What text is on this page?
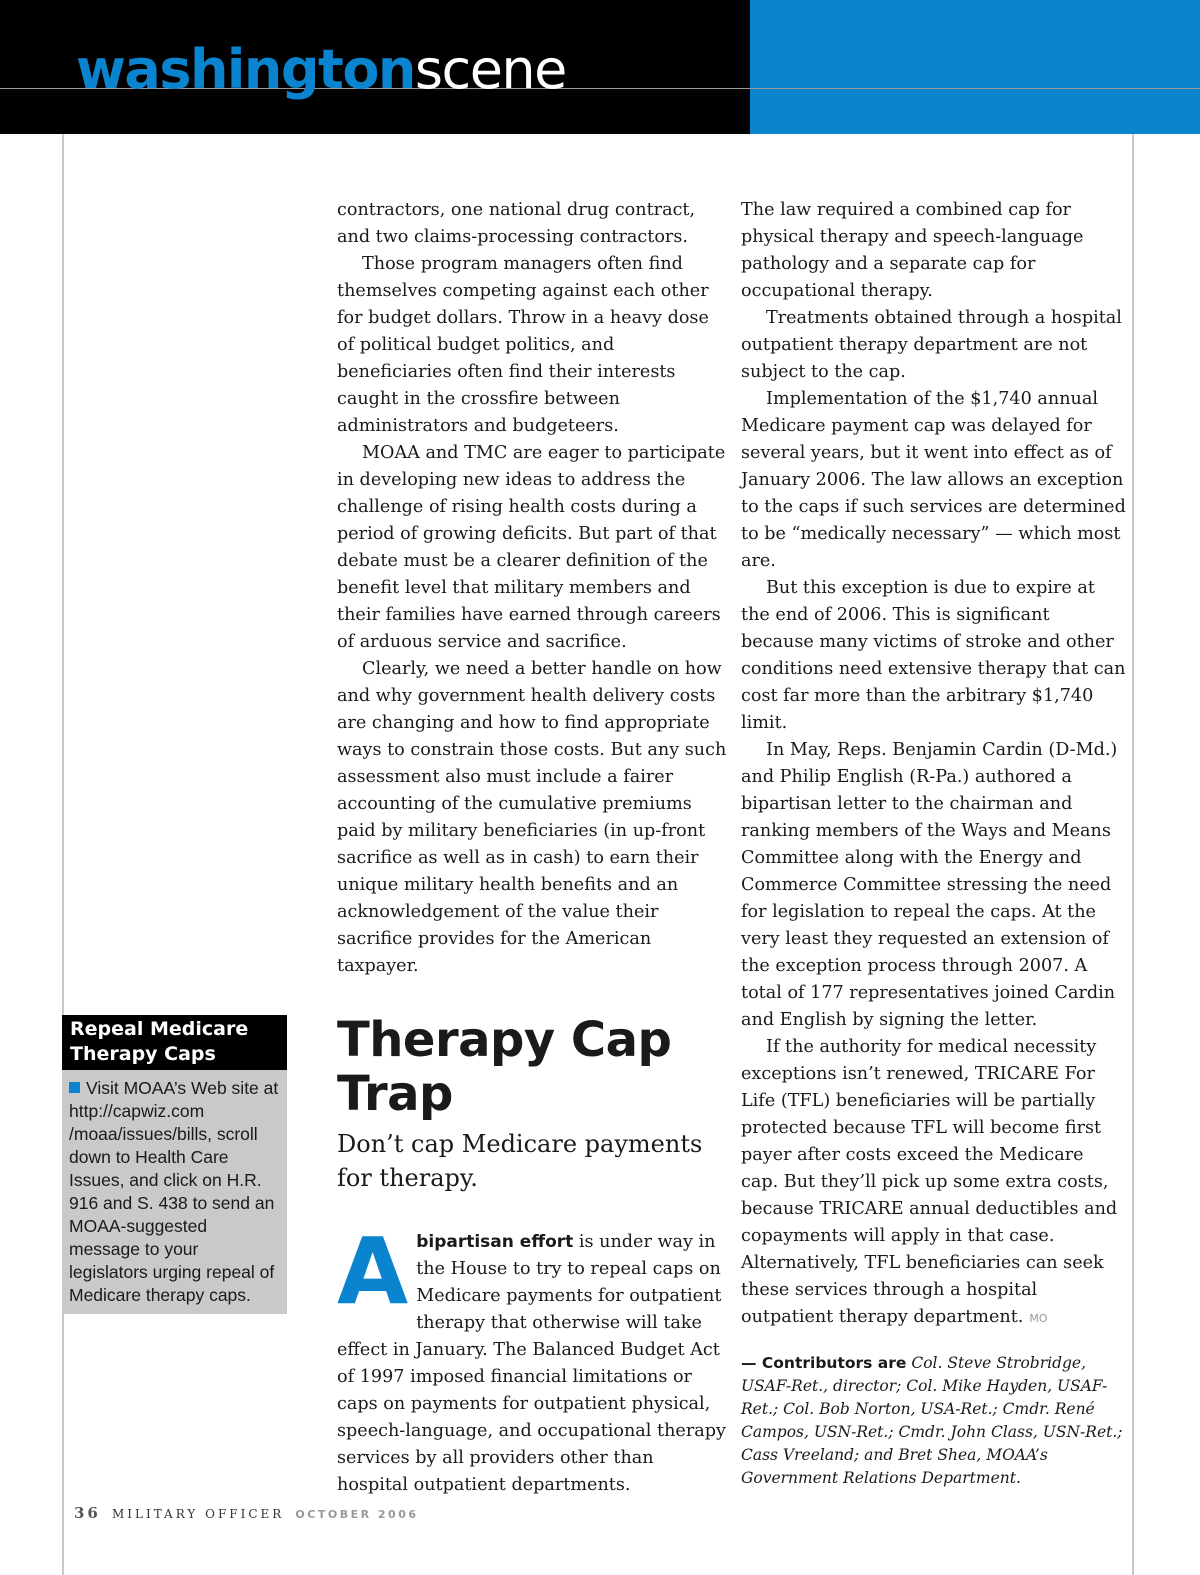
washingtonscene
Repeal Medicare
Therapy Caps
Visit MOAA’s Web site at http://capwiz.com /moaa/issues/bills, scroll down to Health Care Issues, and click on H.R. 916 and S. 438 to send an MOAA-suggested message to your legislators urging repeal of Medicare therapy caps.

contractors, one national drug contract, and two claims-processing contractors.

Those program managers often find themselves competing against each other for budget dollars. Throw in a heavy dose of political budget politics, and beneficiaries often find their interests caught in the crossfire between administrators and budgeteers.

MOAA and TMC are eager to participate in developing new ideas to address the challenge of rising health costs during a period of growing deficits. But part of that debate must be a clearer definition of the benefit level that military members and their families have earned through careers of arduous service and sacrifice.

Clearly, we need a better handle on how and why government health delivery costs are changing and how to find appropriate ways to constrain those costs. But any such assessment also must include a fairer accounting of the cumulative premiums paid by military beneficiaries (in up-front sacrifice as well as in cash) to earn their unique military health benefits and an acknowledgement of the value their sacrifice provides for the American taxpayer.

Therapy Cap Trap
Don’t cap Medicare payments for therapy.

Abipartisan effort is under way in the House to try to repeal caps on Medicare payments for outpatient therapy that otherwise will take effect in January. The Balanced Budget Act of 1997 imposed financial limitations or caps on payments for outpatient physical, speech-language, and occupational therapy services by all providers other than hospital outpatient departments.

The law required a combined cap for physical therapy and speech-language pathology and a separate cap for occupational therapy.

Treatments obtained through a hospital outpatient therapy department are not subject to the cap.

Implementation of the $1,740 annual Medicare payment cap was delayed for several years, but it went into effect as of January 2006. The law allows an exception to the caps if such services are determined to be “medically necessary” — which most are.

But this exception is due to expire at the end of 2006. This is significant because many victims of stroke and other conditions need extensive therapy that can cost far more than the arbitrary $1,740 limit.

In May, Reps. Benjamin Cardin (D-Md.) and Philip English (R-Pa.) authored a bipartisan letter to the chairman and ranking members of the Ways and Means Committee along with the Energy and Commerce Committee stressing the need for legislation to repeal the caps. At the very least they requested an extension of the exception process through 2007. A total of 177 representatives joined Cardin and English by signing the letter.

If the authority for medical necessity exceptions isn’t renewed, TRICARE For Life (TFL) beneficiaries will be partially protected because TFL will become first payer after costs exceed the Medicare cap. But they’ll pick up some extra costs, because TRICARE annual deductibles and copayments will apply in that case. Alternatively, TFL beneficiaries can seek these services through a hospital outpatient therapy department. MO

— Contributors are Col. Steve Strobridge, USAF-Ret., director; Col. Mike Hayden, USAF-Ret.; Col. Bob Norton, USA-Ret.; Cmdr. René Campos, USN-Ret.; Cmdr. John Class, USN-Ret.; Cass Vreeland; and Bret Shea, MOAA’s Government Relations Department.

36 MILITARY OFFICER OCTOBER 2006
